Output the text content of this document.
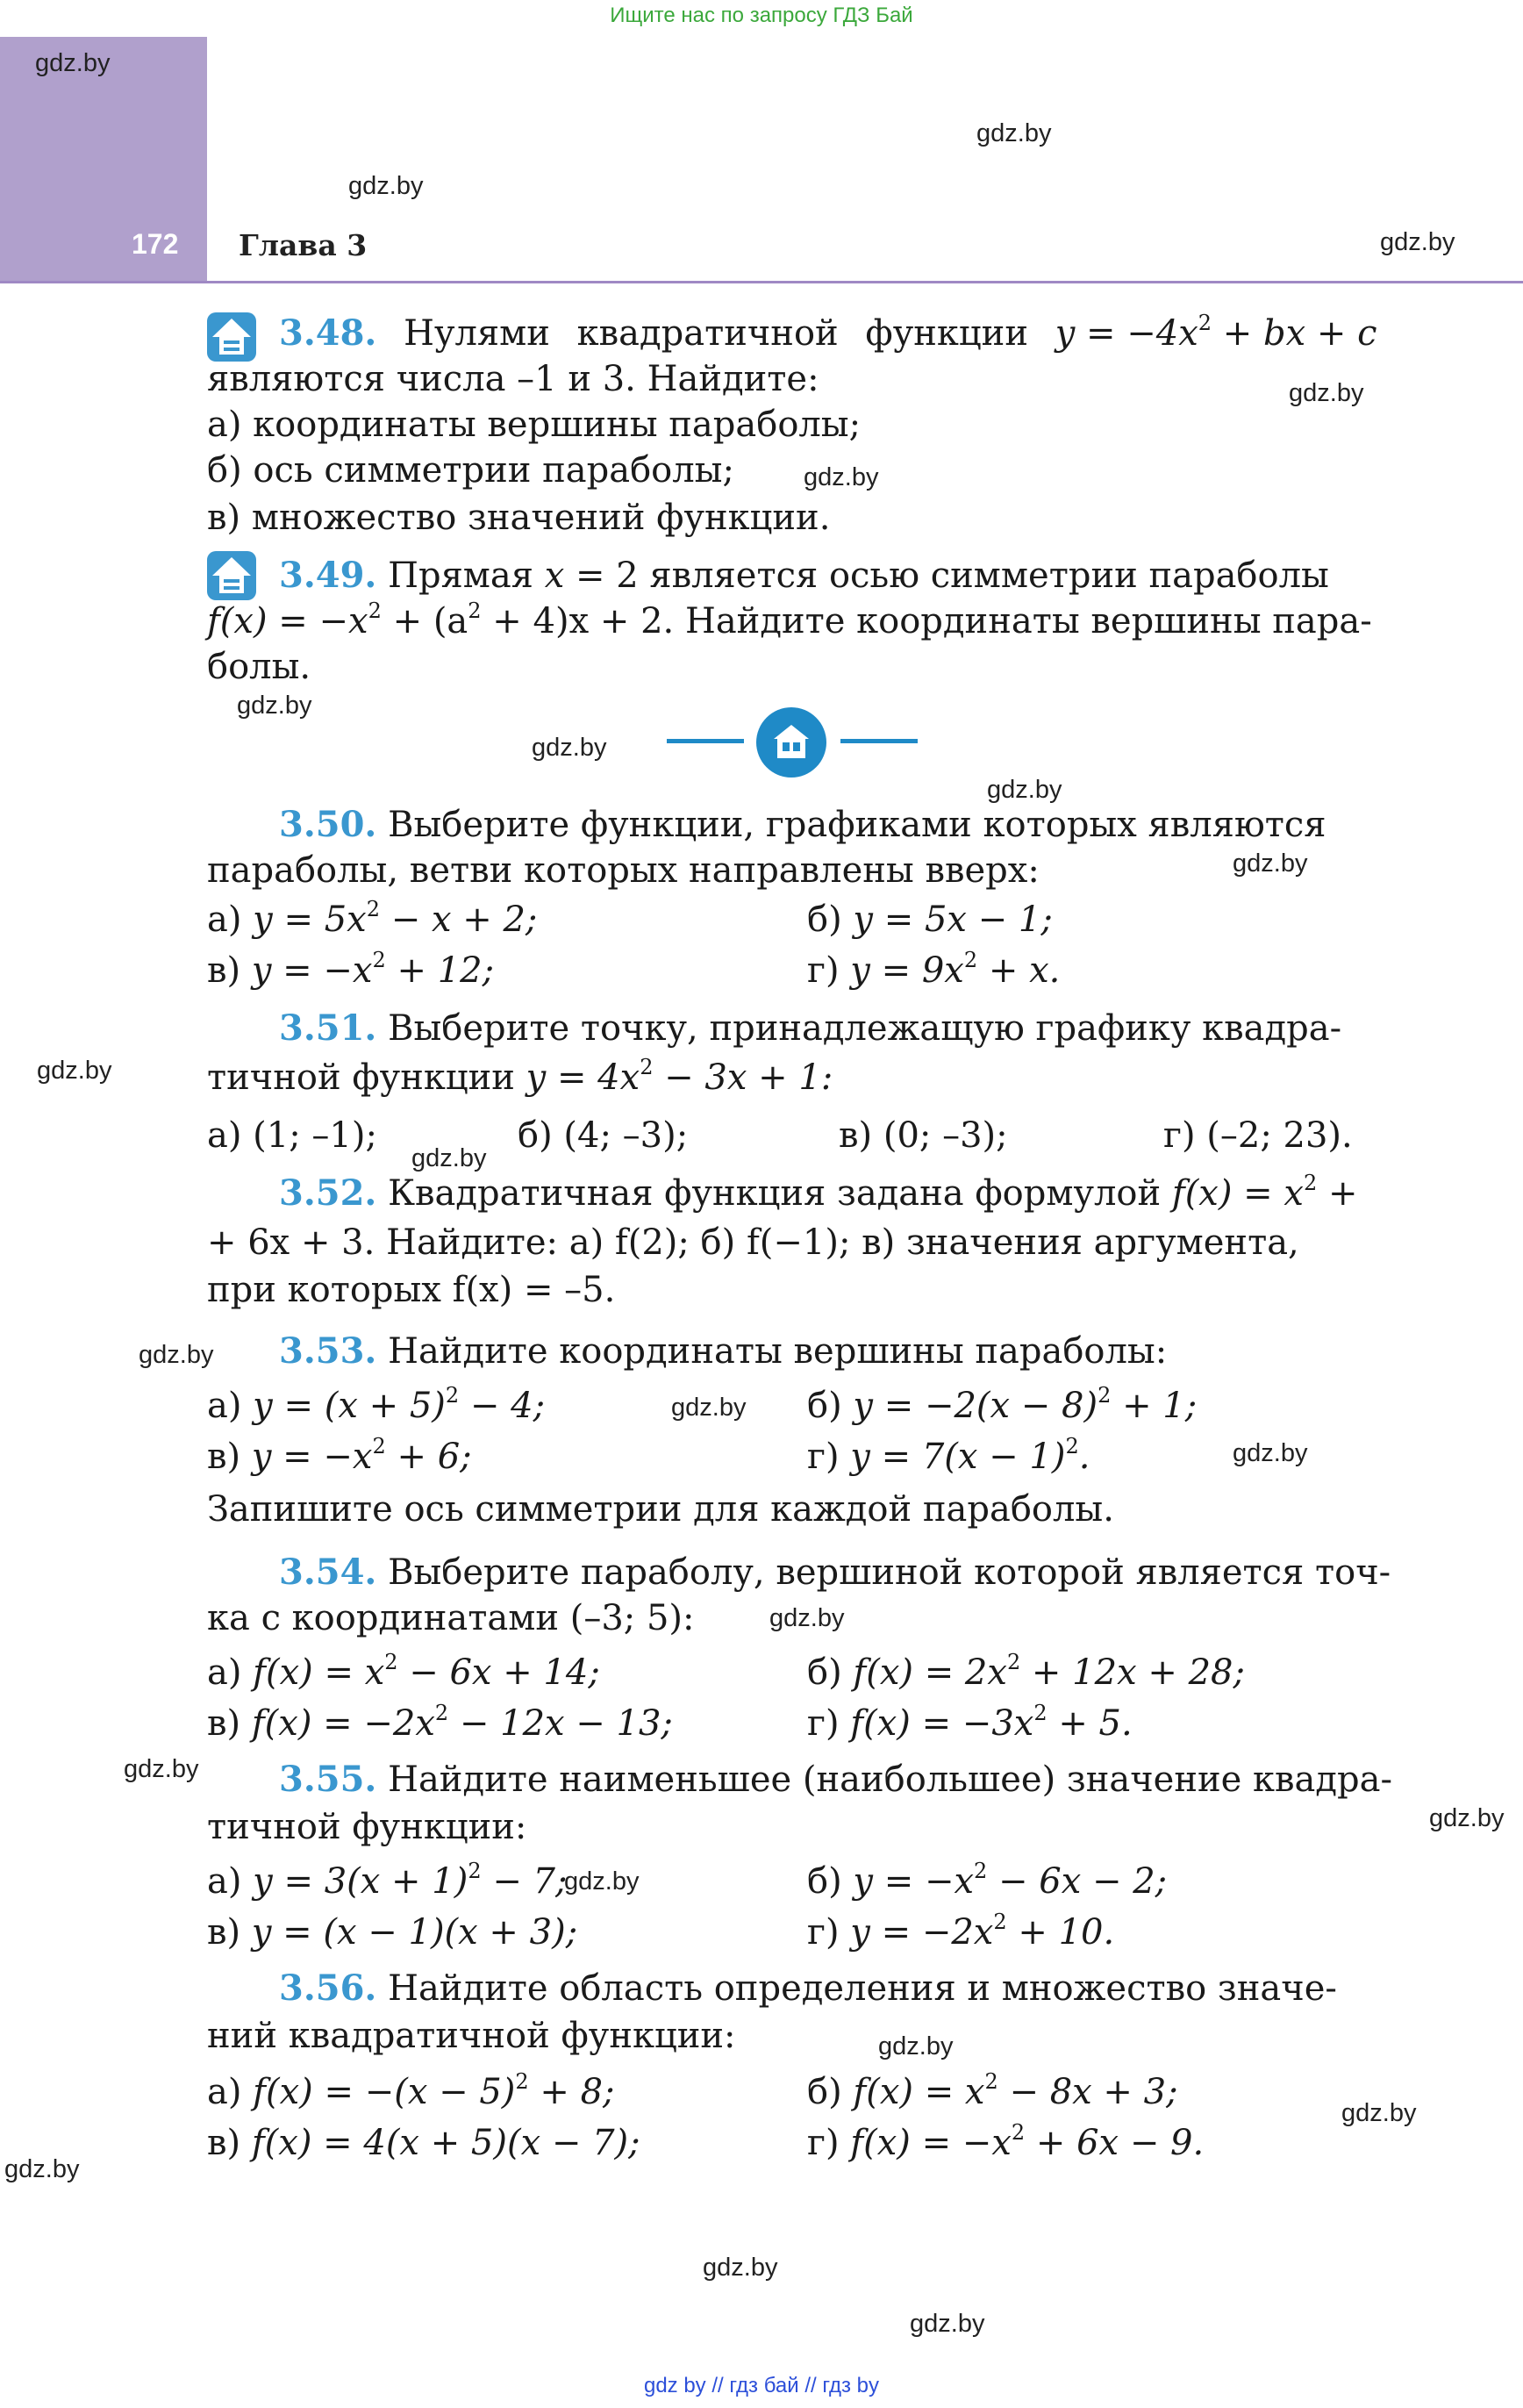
Ищите нас по запросу ГДЗ Бай
172 Глава 3
gdz.by
gdz.by
gdz.by
gdz.by
gdz.by
gdz.by
gdz.by
gdz.by
gdz.by
gdz.by
gdz.by
gdz.by
gdz.by
gdz.by
gdz.by
gdz.by
gdz.by
gdz.by
gdz.by
gdz.by
gdz.by
gdz.by
gdz.by
gdz.by
3.48. Нулями квадратичной функции $y = -4x^2$ + bx + c
являются числа –1 и 3. Найдите:
а) координаты вершины параболы;
б) ось симметрии параболы;
в) множество значений функции.
3.49. Прямая x = 2 является осью симметрии параболы
$f(x) = -x^2 + (a^2 + 4)x + 2$. Найдите координаты вершины пара-
болы.
3.50. Выберите функции, графиками которых являются
параболы, ветви которых направлены вверх:
а) $y = 5x^2 - x + 2$;	б) y = 5x − 1;
в) $y = -x^2 + 12$;	г) $y = 9x^2 + x$.
3.51. Выберите точку, принадлежащую графику квадра-
тичной функции $y = 4x^2 - 3x + 1$:
а) (1; –1);	б) (4; –3);	в) (0; –3);	г) (–2; 23).
3.52. Квадратичная функция задана формулой $f(x) = x^2$ +
+ 6x + 3. Найдите: а) f(2); б) f(−1); в) значения аргумента,
при которых f(x) = –5.
3.53. Найдите координаты вершины параболы:
а) $y = (x + 5)^2 - 4$;	б) $y = -2(x - 8)^2 + 1$;
в) $y = -x^2 + 6$;	г) $y = 7(x - 1)^2$.
Запишите ось симметрии для каждой параболы.
3.54. Выберите параболу, вершиной которой является точ-
ка с координатами (–3; 5):
а) $f(x) = x^2 - 6x + 14$;	б) $f(x) = 2x^2 + 12x + 28$;
в) $f(x) = -2x^2 - 12x - 13$;	г) $f(x) = -3x^2 + 5$.
3.55. Найдите наименьшее (наибольшее) значение квадра-
тичной функции:
а) $y = 3(x + 1)^2 - 7$;	б) $y = -x^2 - 6x - 2$;
в) y = (x − 1)(x + 3);	г) $y = -2x^2 + 10$.
3.56. Найдите область определения и множество значе-
ний квадратичной функции:
а) $f(x) = -(x - 5)^2 + 8$;	б) $f(x) = x^2 - 8x + 3$;
в) f(x) = 4(x + 5)(x − 7);	г) $f(x) = -x^2 + 6x - 9$.
gdz by // гдз бай // гдз by
